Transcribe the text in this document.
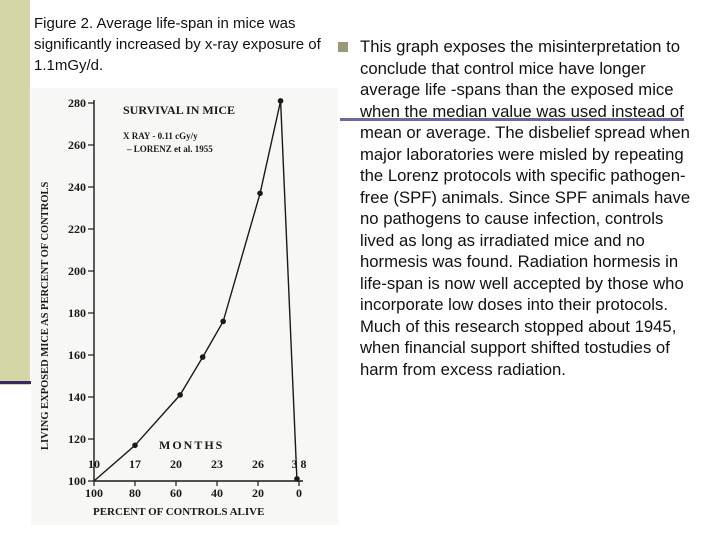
Figure 2. Average life-span in mice was significantly increased by x-ray exposure of 1.1mGy/d.
This graph exposes the misinterpretation to conclude that control mice have longer average life -spans than the exposed mice when the median value was used instead of mean or average. The disbelief spread when major laboratories were misled by repeating the Lorenz protocols with specific pathogen-free (SPF) animals. Since SPF animals have no pathogens to cause infection, controls lived as long as irradiated mice and no hormesis was found. Radiation hormesis in life-span is now well accepted by those who incorporate low doses into their protocols. Much of this research stopped about 1945, when financial support shifted tostudies of harm from excess radiation.
100
120
140
160
180
200
220
240
260
280
100 80 60 40 20	0
10 17 20 23 26 3 8
SURVIVAL IN MICE
X RAY - 0.11 cGy/y
– LORENZ et al. 1955
MONTHS
PERCENT OF CONTROLS ALIVE
LIVING EXPOSED MICE AS PERCENT OF CONTROLS
